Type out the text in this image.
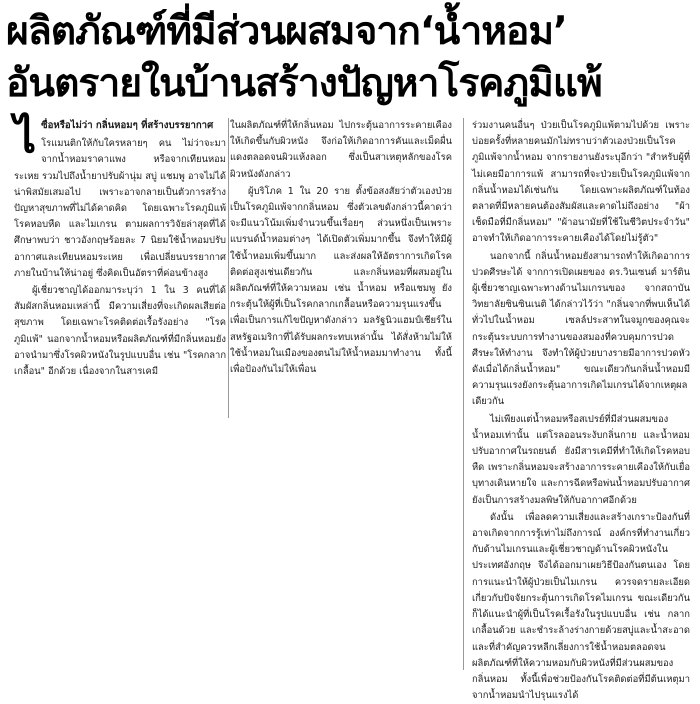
ผลิตภัณฑ์ที่มีส่วนผสมจาก‘น้ำหอม’
อันตรายในบ้านสร้างปัญหาโรคภูมิแพ้
ไ ซื่อหรือไม่ว่า กลิ่นหอมๆ ที่สร้างบรรยากาศ

โรแมนติกให้กับใครหลายๆ คน ไม่ว่าจะมาจากน้ำหอมราคาแพง หรือจากเทียนหอมระเหย รวมไปถึงน้ำยาปรับผ้านุ่ม สบู่ แชมพู อาจไม่ได้น่าพิสมัยเสมอไป เพราะอาจกลายเป็นตัวการสร้างปัญหาสุขภาพที่ไม่ได้คาดคิด โดยเฉพาะโรคภูมิแพ้ โรคหอบหืด และไมเกรน ตามผลการวิจัยล่าสุดที่ได้ศึกษาพบว่า ชาวอังกฤษร้อยละ 7 นิยมใช้น้ำหอมปรับอากาศและเทียนหอมระเหย เพื่อเปลี่ยนบรรยากาศภายในบ้านให้น่าอยู่ ซึ่งคิดเป็นอัตราที่ค่อนข้างสูง

ผู้เชี่ยวชาญได้ออกมาระบุว่า 1 ใน 3 คนที่ได้สัมผัสกลิ่นหอมเหล่านี้ มีความเสี่ยงที่จะเกิดผลเสียต่อสุขภาพ โดยเฉพาะโรคติดต่อเรื้อรังอย่าง "โรคภูมิแพ้" นอกจากน้ำหอมหรือผลิตภัณฑ์ที่มีกลิ่นหอมยังอาจนำมาซึ่งโรคผิวหนังในรูปแบบอื่น เช่น "โรคกลากเกลื้อน" อีกด้วย เนื่องจากในสารเคมี

ในผลิตภัณฑ์ที่ให้กลิ่นหอม ไปกระตุ้นอาการระคายเคืองให้เกิดขึ้นกับผิวหนัง จึงก่อให้เกิดอาการคันและเม็ดผื่นแดงตลอดจนผิวแห้งลอก ซึ่งเป็นสาเหตุหลักของโรคผิวหนังดังกล่าว

ผู้บริโภค 1 ใน 20 ราย ตั้งข้อสงสัยว่าตัวเองป่วยเป็นโรคภูมิแพ้จากกลิ่นหอม ซึ่งตัวเลขดังกล่าวนี้คาดว่าจะมีแนวโน้มเพิ่มจำนวนขึ้นเรื่อยๆ ส่วนหนึ่งเป็นเพราะแบรนด์น้ำหอมต่างๆ ได้เปิดตัวเพิ่มมากขึ้น จึงทำให้มีผู้ใช้น้ำหอมเพิ่มขึ้นมาก และส่งผลให้อัตราการเกิดโรคติดต่อสูงเช่นเดียวกัน และกลิ่นหอมที่ผสมอยู่ในผลิตภัณฑ์ที่ให้ความหอม เช่น น้ำหอม หรือแชมพู ยังกระตุ้นให้ผู้ที่เป็นโรคกลากเกลื้อนหรือความรุนแรงขึ้น เพื่อเป็นการแก้ไขปัญหาดังกล่าว มลรัฐนิวแฮมป์เชียร์ในสหรัฐอเมริกาที่ได้รับผลกระทบเหล่านั้น ได้สั่งห้ามไม่ให้ใช้น้ำหอมในเมืองของตนไม่ให้น้ำหอมมาทำงาน ทั้งนี้เพื่อป้องกันไม่ให้เพื่อน

ร่วมงานคนอื่นๆ ป่วยเป็นโรคภูมิแพ้ตามไปด้วย เพราะบ่อยครั้งที่หลายคนมักไม่ทราบว่าตัวเองป่วยเป็นโรคภูมิแพ้จากน้ำหอม จากรายงานยังระบุอีกว่า "สำหรับผู้ที่ไม่เคยมีอาการแพ้ สามารถที่จะป่วยเป็นโรคภูมิแพ้จากกลิ่นน้ำหอมได้เช่นกัน โดยเฉพาะผลิตภัณฑ์ในท้องตลาดที่มีหลายคนต้องสัมผัสและคาดไม่ถึงอย่าง "ผ้าเช็ดมือที่มีกลิ่นหอม" "ผ้าอนามัยที่ใช้ในชีวิตประจำวัน" อาจทำให้เกิดอาการระคายเคืองได้โดยไม่รู้ตัว"

นอกจากนี้ กลิ่นน้ำหอมยังสามารถทำให้เกิดอาการปวดศีรษะได้ จากการเปิดเผยของ ดร.วินเซนต์ มาร์ติน ผู้เชี่ยวชาญเฉพาะทางด้านไมเกรนของ จากสถาบันวิทยาลัยซินซินเนติ ได้กล่าวไว้ว่า "กลิ่นจากที่พบเห็นได้ทั่วไปในน้ำหอม เซลล์ประสาทในจมูกของคุณจะกระตุ้นระบบการทำงานของสมองที่ควบคุมการปวดศีรษะให้ทำงาน จึงทำให้ผู้ป่วยบางรายมีอาการปวดหัวดังเมื่อได้กลิ่นน้ำหอม" ขณะเดียวกันกลิ่นน้ำหอมมีความรุนแรงยังกระตุ้นอาการเกิดไมเกรนได้จากเหตุผลเดียวกัน

ไม่เพียงแต่น้ำหอมหรือสเปรย์ที่มีส่วนผสมของน้ำหอมเท่านั้น แต่โรลออนระงับกลิ่นกาย และน้ำหอมปรับอากาศในรถยนต์ ยังมีสารเคมีที่ทำให้เกิดโรคหอบหืด เพราะกลิ่นหอมจะสร้างอาการระคายเคืองให้กับเยื่อบุทางเดินหายใจ และการฉีดหรือพ่นน้ำหอมปรับอากาศยังเป็นการสร้างมลพิษให้กับอากาศอีกด้วย

ดังนั้น เพื่อลดความเสี่ยงและสร้างเกราะป้องกันที่อาจเกิดจากการรู้เท่าไม่ถึงการณ์ องค์กรที่ทำงานเกี่ยวกับด้านไมเกรนและผู้เชี่ยวชาญด้านโรคผิวหนังในประเทศอังกฤษ จึงได้ออกมาเผยวิธีป้องกันตนเอง โดยการแนะนำให้ผู้ป่วยเป็นไมเกรน ควรจดรายละเอียดเกี่ยวกับปัจจัยกระตุ้นการเกิดโรคไมเกรน ขณะเดียวกันก็ได้แนะนำผู้ที่เป็นโรคเรื้อรังในรูปแบบอื่น เช่น กลากเกลื้อนด้วย และชำระล้างร่างกายด้วยสบู่และน้ำสะอาด และที่สำคัญควรหลีกเลี่ยงการใช้น้ำหอมตลอดจนผลิตภัณฑ์ที่ให้ความหอมกับผิวหนังที่มีส่วนผสมของกลิ่นหอม ทั้งนี้เพื่อช่วยป้องกันโรคติดต่อที่มีต้นเหตุมาจากน้ำหอมนำไปรุนแรงได้
